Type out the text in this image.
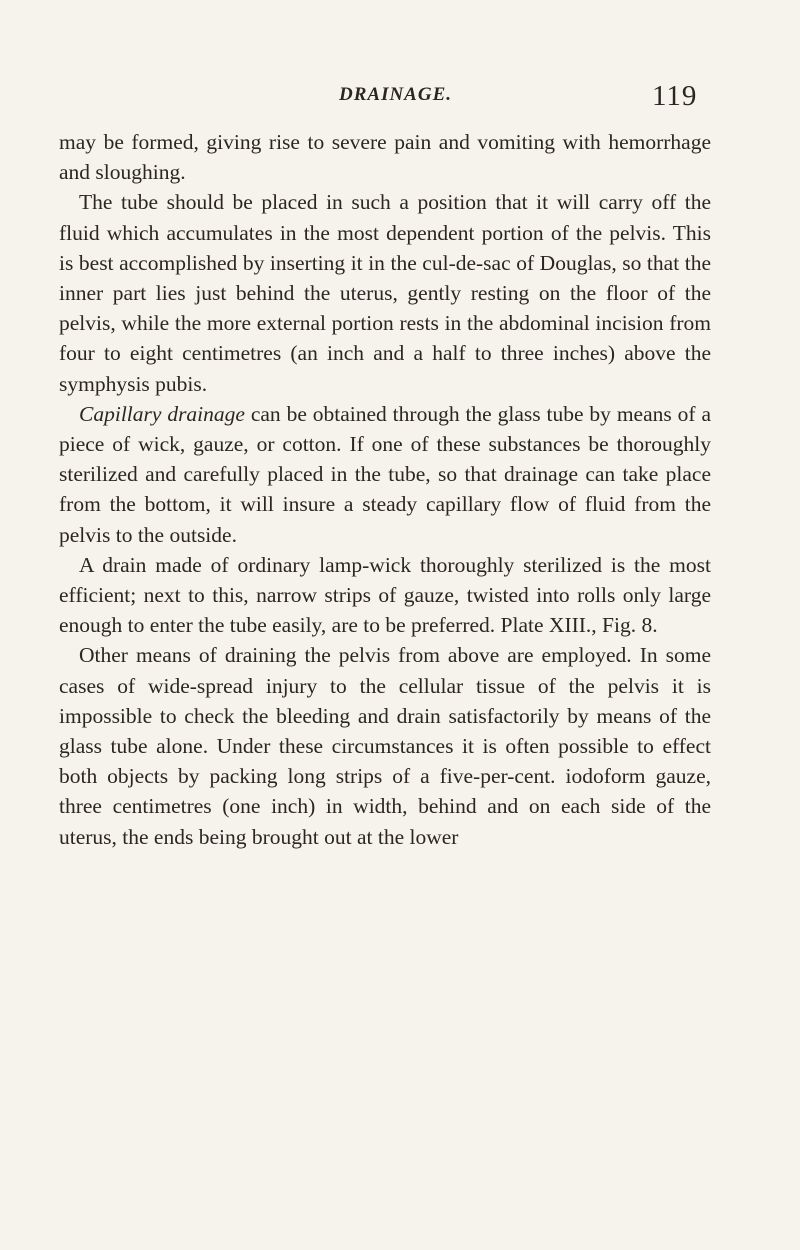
DRAINAGE.	119

may be formed, giving rise to severe pain and vomiting with hemorrhage and sloughing.

The tube should be placed in such a position that it will carry off the fluid which accumulates in the most dependent portion of the pelvis. This is best accomplished by inserting it in the cul-de-sac of Douglas, so that the inner part lies just behind the uterus, gently resting on the floor of the pelvis, while the more external portion rests in the abdominal incision from four to eight centimetres (an inch and a half to three inches) above the symphysis pubis.

Capillary drainage can be obtained through the glass tube by means of a piece of wick, gauze, or cotton. If one of these substances be thoroughly sterilized and carefully placed in the tube, so that drainage can take place from the bottom, it will insure a steady capillary flow of fluid from the pelvis to the outside.

A drain made of ordinary lamp-wick thoroughly sterilized is the most efficient; next to this, narrow strips of gauze, twisted into rolls only large enough to enter the tube easily, are to be preferred. Plate XIII., Fig. 8.

Other means of draining the pelvis from above are employed. In some cases of wide-spread injury to the cellular tissue of the pelvis it is impossible to check the bleeding and drain satisfactorily by means of the glass tube alone. Under these circumstances it is often possible to effect both objects by packing long strips of a five-per-cent. iodoform gauze, three centimetres (one inch) in width, behind and on each side of the uterus, the ends being brought out at the lower
